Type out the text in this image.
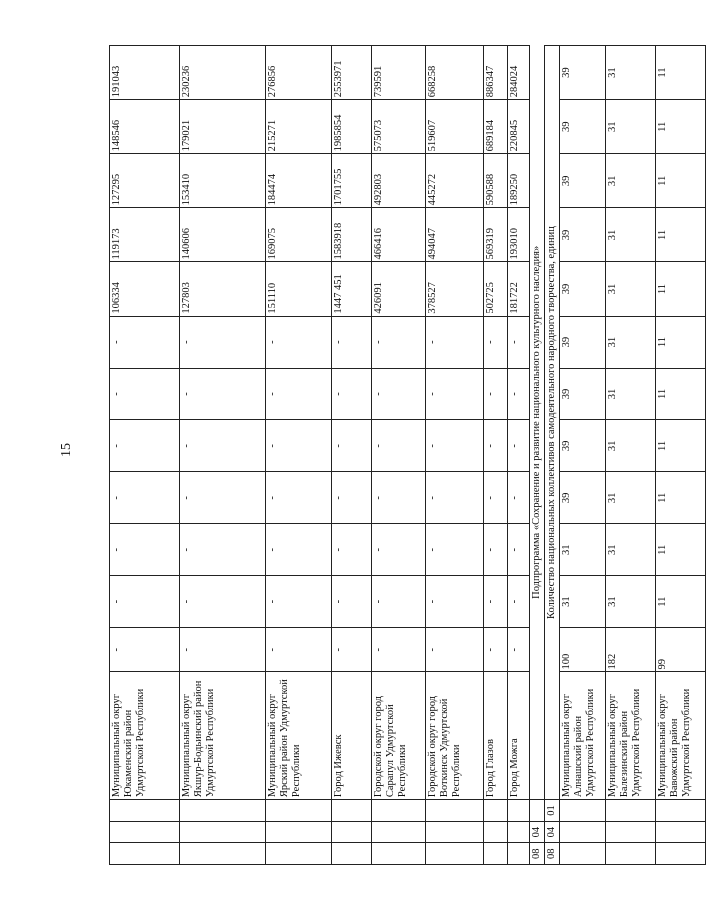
15
			Муниципальный округ Юкаменский район Удмуртской Республики	-	-	-	-	-	-	-	106334	119173	127295	148546	191043
			Муниципальный округ Якшур-Бодьинский район Удмуртской Республики	-	-	-	-	-	-	-	127803	140606	153410	179021	230236
			Муниципальный округ Ярский район Удмуртской Республики	-	-	-	-	-	-	-	151110	169075	184474	215271	276856
			Город Ижевск	-	-	-	-	-	-	-	1447 451	1583918	1701755	1985854	2553971
			Городской округ город Сарапул Удмуртской Республики	-	-	-	-	-	-	-	426091	466416	492803	575073	739591
			Городской округ город Воткинск Удмуртской Республики	-	-	-	-	-	-	-	378527	494047	445272	519607	668258
			Город Глазов	-	-	-	-	-	-	-	502725	569319	590588	689184	886347
			Город Можга	-	-	-	-	-	-	-	181722	193010	189250	220845	284024
08	04		Подпрограмма «Сохранение и развитие национального культурного наследия»												
08	04	01	Количество национальных коллективов самодеятельного народного творчества, единиц												
			Муниципальный округ Алнашский район Удмуртской Республики	100	31	31	39	39	39	39	39	39	39	39	39
			Муниципальный округ Балезинский район Удмуртской Республики	182	31	31	31	31	31	31	31	31	31	31	31
			Муниципальный округ Вавожский район Удмуртской Республики	99	11	11	11	11	11	11	11	11	11	11	11
